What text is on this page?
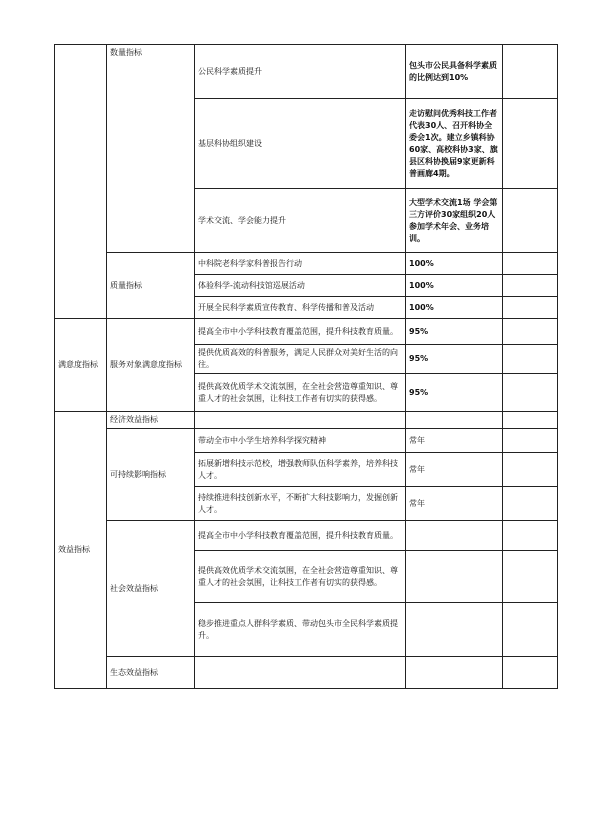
	数量指标	公民科学素质提升	包头市公民具备科学素质的比例达到10%	
		基层科协组织建设	走访慰问优秀科技工作者代表30人、召开科协全委会1次。建立乡镇科协60家、高校科协3家、旗县区科协换届9家更新科普画廊4期。	
		学术交流、学会能力提升	大型学术交流1场 学会第三方评价30家组织20人参加学术年会、业务培训。	
	质量指标	中科院老科学家科普报告行动	100%	
		体验科学-流动科技馆巡展活动	100%	
		开展全民科学素质宣传教育、科学传播和普及活动	100%	
满意度指标	服务对象满意度指标	提高全市中小学科技教育覆盖范围，提升科技教育质量。	95%	
		提供优质高效的科普服务，满足人民群众对美好生活的向往。	95%	
		提供高效优质学术交流氛围，在全社会营造尊重知识、尊重人才的社会氛围，让科技工作者有切实的获得感。	95%	
效益指标	经济效益指标			
	可持续影响指标	带动全市中小学生培养科学探究精神	常年	
		拓展新增科技示范校，增强教师队伍科学素养，培养科技人才。	常年	
		持续推进科技创新水平，不断扩大科技影响力，发掘创新人才。	常年	
	社会效益指标	提高全市中小学科技教育覆盖范围，提升科技教育质量。		
		提供高效优质学术交流氛围，在全社会营造尊重知识、尊重人才的社会氛围，让科技工作者有切实的获得感。		
		稳步推进重点人群科学素质、带动包头市全民科学素质提升。		
	生态效益指标			
